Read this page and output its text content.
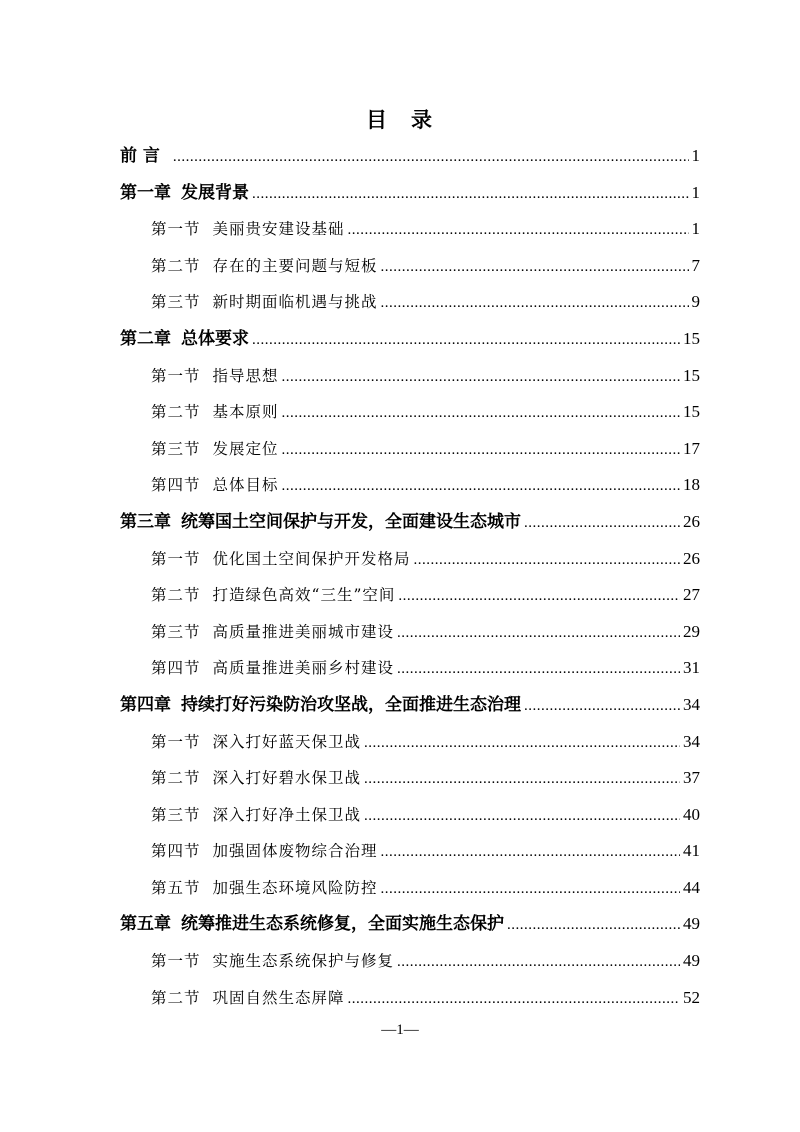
目 录
前 言 .....	1
第一章 发展背景 .....	1
第一节 美丽贵安建设基础 .....	1
第二节 存在的主要问题与短板 .....	7
第三节 新时期面临机遇与挑战 .....	9
第二章 总体要求 .....	15
第一节 指导思想 .....	15
第二节 基本原则 .....	15
第三节 发展定位 .....	17
第四节 总体目标 .....	18
第三章 统筹国土空间保护与开发，全面建设生态城市 .....	26
第一节 优化国土空间保护开发格局 .....	26
第二节 打造绿色高效“三生”空间 .....	27
第三节 高质量推进美丽城市建设 .....	29
第四节 高质量推进美丽乡村建设 .....	31
第四章 持续打好污染防治攻坚战，全面推进生态治理 .....	34
第一节 深入打好蓝天保卫战 .....	34
第二节 深入打好碧水保卫战 .....	37
第三节 深入打好净土保卫战 .....	40
第四节 加强固体废物综合治理 .....	41
第五节 加强生态环境风险防控 .....	44
第五章 统筹推进生态系统修复，全面实施生态保护 .....	49
第一节 实施生态系统保护与修复 .....	49
第二节 巩固自然生态屏障 .....	52
—1—
